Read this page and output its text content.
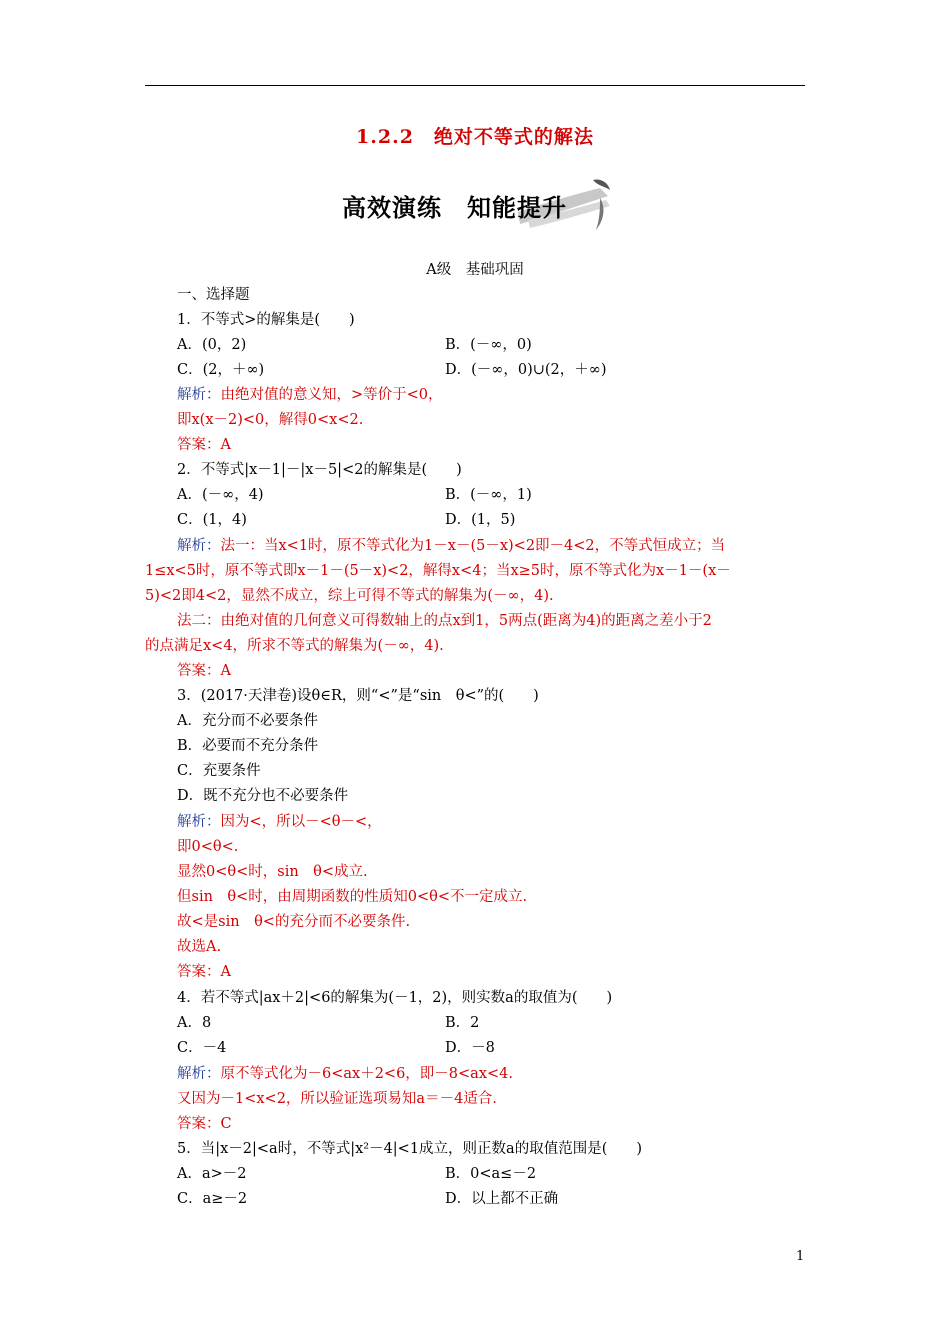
1.2.2　绝对不等式的解法
高效演练　知能提升
A级　基础巩固
一、选择题
1．不等式>的解集是(　　)
A．(0，2)	B．(－∞，0)
C．(2，＋∞)	D．(－∞，0)∪(2，＋∞)
解析：由绝对值的意义知，>等价于<0，
即x(x－2)<0，解得0<x<2.
答案：A
2．不等式|x－1|－|x－5|<2的解集是(　　)
A．(－∞，4)	B．(－∞，1)
C．(1，4)	D．(1，5)
解析：法一：当x<1时，原不等式化为1－x－(5－x)<2即－4<2，不等式恒成立；当
1≤x<5时，原不等式即x－1－(5－x)<2，解得x<4；当x≥5时，原不等式化为x－1－(x－
5)<2即4<2，显然不成立，综上可得不等式的解集为(－∞，4).
法二：由绝对值的几何意义可得数轴上的点x到1，5两点(距离为4)的距离之差小于2
的点满足x<4，所求不等式的解集为(－∞，4).
答案：A
3．(2017·天津卷)设θ∈R，则“<”是“sin　θ<”的(　　)
A．充分而不必要条件
B．必要而不充分条件
C．充要条件
D．既不充分也不必要条件
解析：因为<，所以－<θ－<，
即0<θ<.
显然0<θ<时，sin　θ<成立.
但sin　θ<时，由周期函数的性质知0<θ<不一定成立.
故<是sin　θ<的充分而不必要条件.
故选A.
答案：A
4．若不等式|ax＋2|<6的解集为(－1，2)，则实数a的取值为(　　)
A．8	B．2
C．－4	D．－8
解析：原不等式化为－6<ax＋2<6，即－8<ax<4.
又因为－1<x<2，所以验证选项易知a＝－4适合.
答案：C
5．当|x－2|<a时，不等式|x²－4|<1成立，则正数a的取值范围是(　　)
A．a>－2	B．0<a≤－2
C．a≥－2	D．以上都不正确
1
